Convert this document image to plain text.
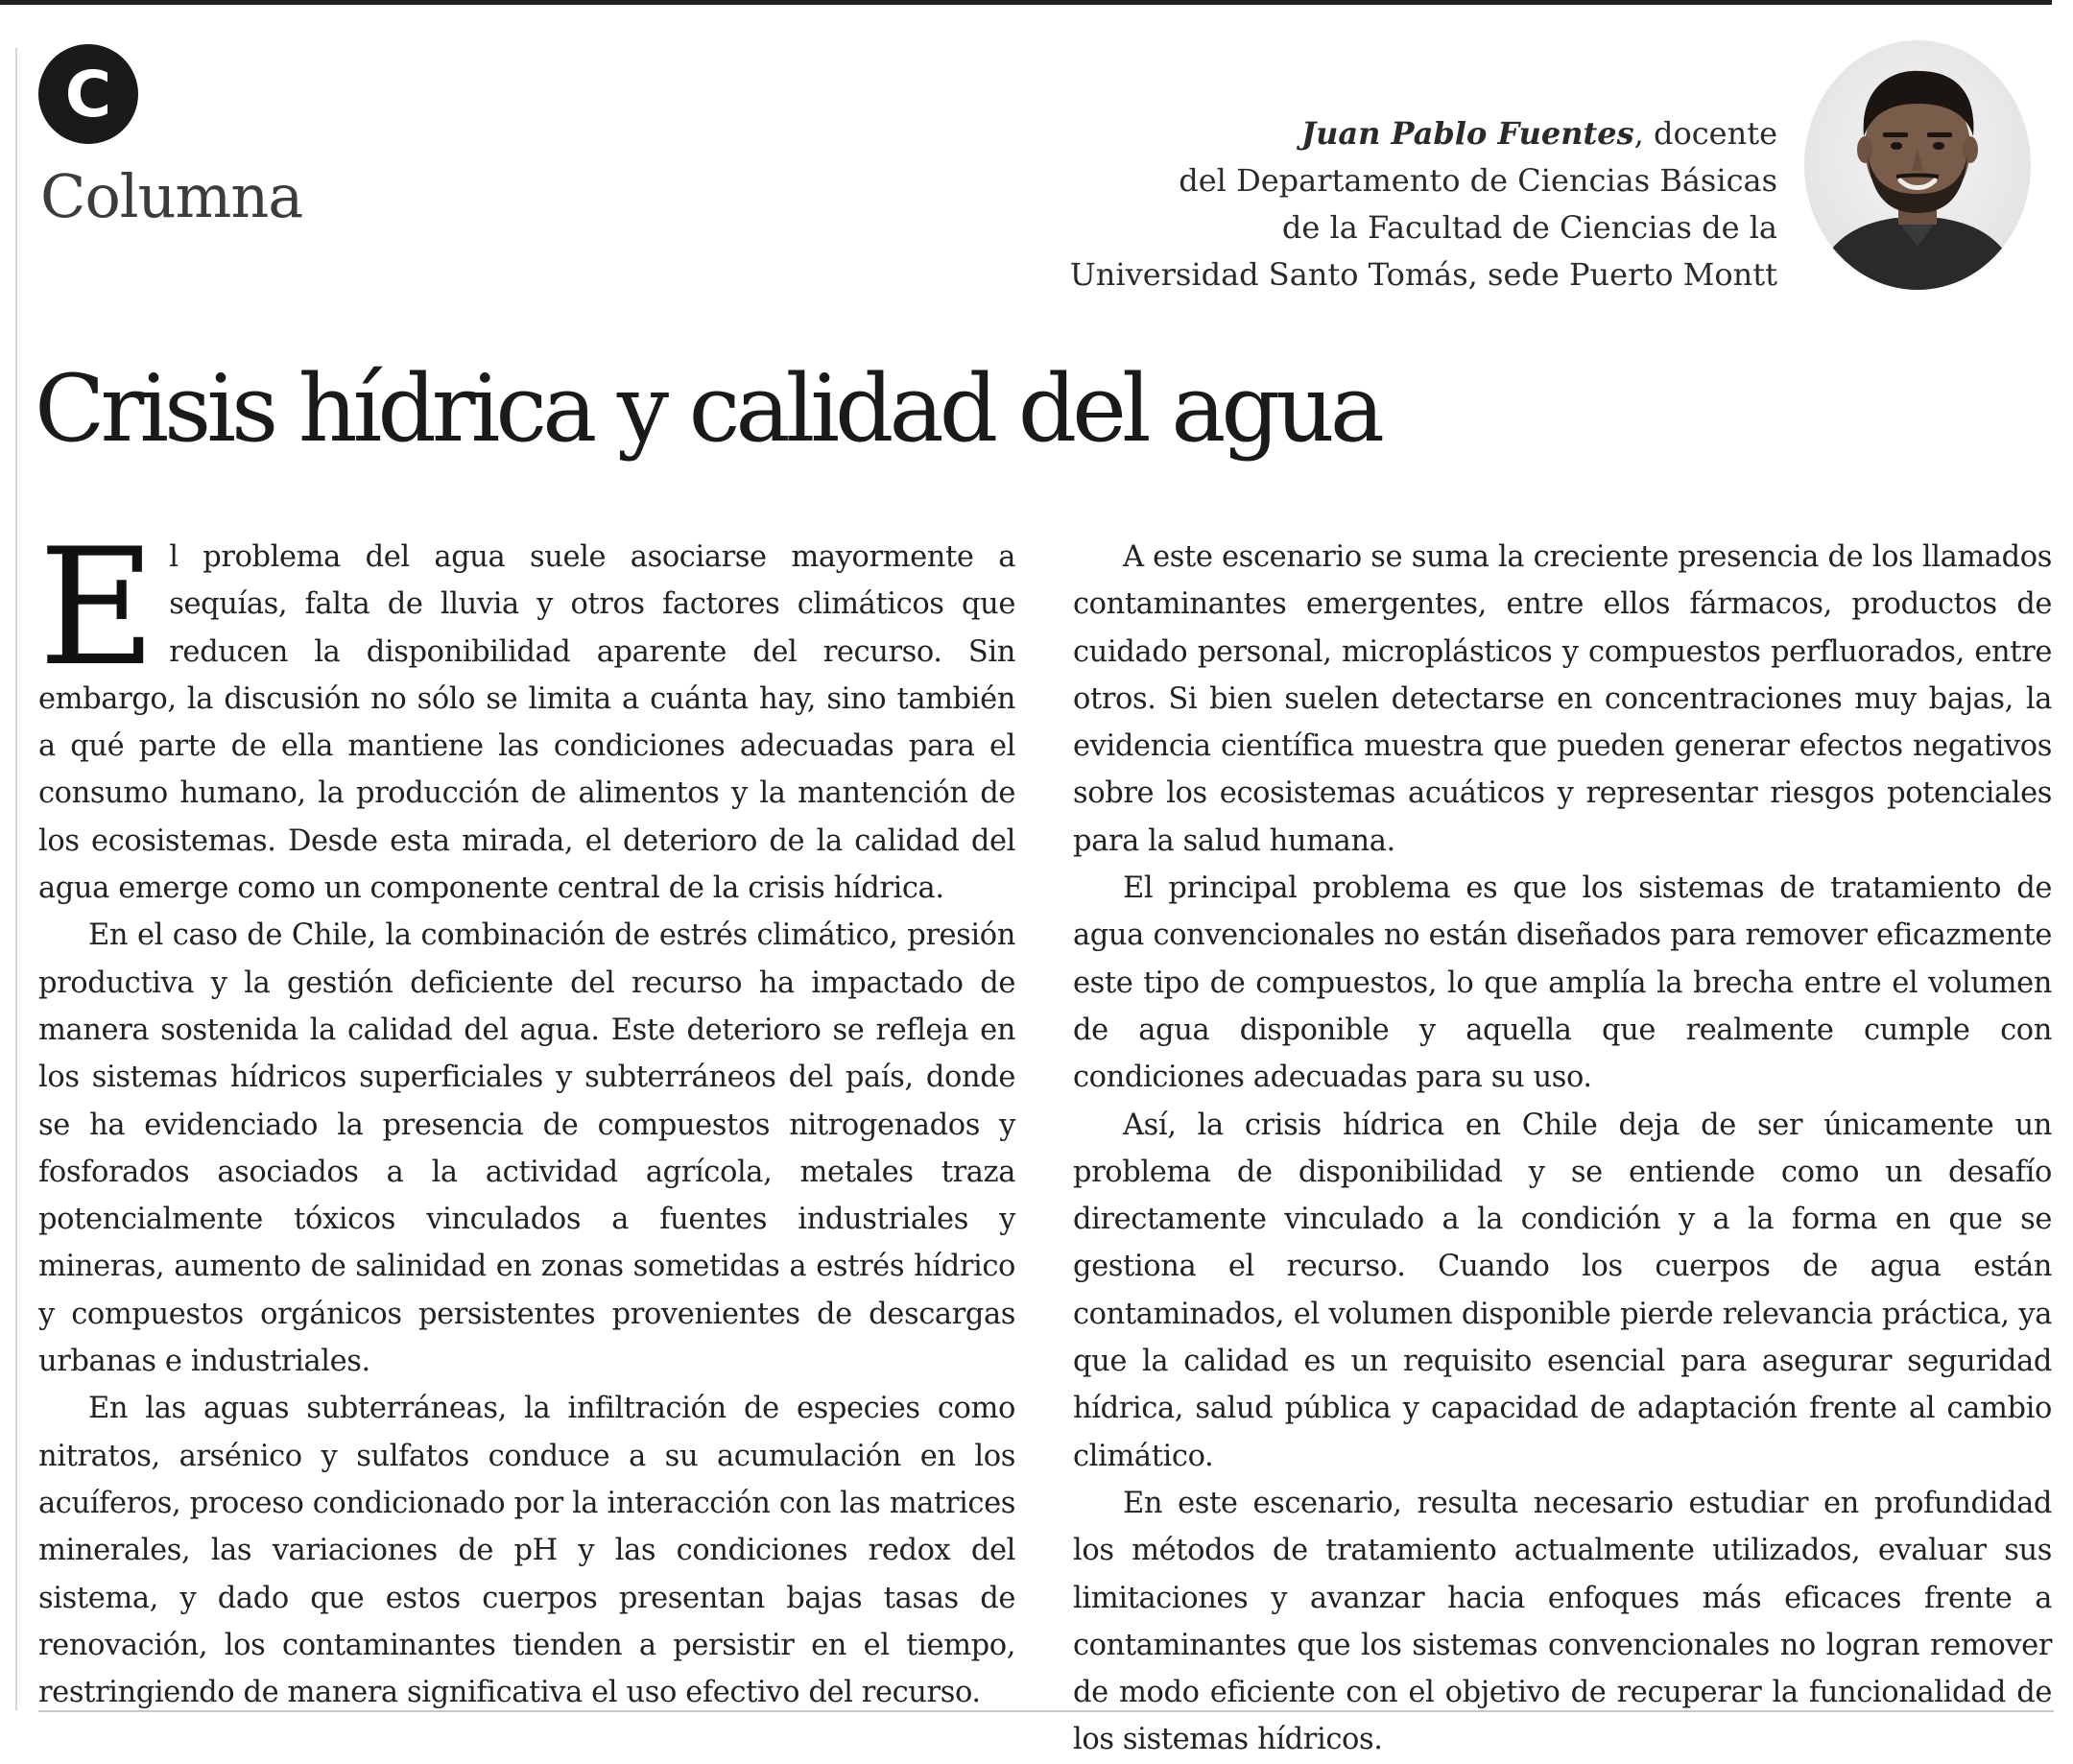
C
Columna
Juan Pablo Fuentes, docente
del Departamento de Ciencias Básicas
de la Facultad de Ciencias de la
Universidad Santo Tomás, sede Puerto Montt
Crisis hídrica y calidad del agua

El problema del agua suele asociarse mayormente a sequías, falta de lluvia y otros factores climáticos que reducen la disponibilidad aparente del recurso. Sin embargo, la discusión no sólo se limita a cuánta hay, sino también a qué parte de ella mantiene las condiciones adecuadas para el consumo humano, la producción de alimentos y la mantención de los ecosistemas. Desde esta mirada, el deterioro de la calidad del agua emerge como un componente central de la crisis hídrica.

En el caso de Chile, la combinación de estrés climático, presión productiva y la gestión deficiente del recurso ha impactado de manera sostenida la calidad del agua. Este deterioro se refleja en los sistemas hídricos superficiales y subterráneos del país, donde se ha evidenciado la presencia de compuestos nitrogenados y fosforados asociados a la actividad agrícola, metales traza potencialmente tóxicos vinculados a fuentes industriales y mineras, aumento de salinidad en zonas sometidas a estrés hídrico y compuestos orgánicos persistentes provenientes de descargas urbanas e industriales.

En las aguas subterráneas, la infiltración de especies como nitratos, arsénico y sulfatos conduce a su acumulación en los acuíferos, proceso condicionado por la interacción con las matrices minerales, las variaciones de pH y las condiciones redox del sistema, y dado que estos cuerpos presentan bajas tasas de renovación, los contaminantes tienden a persistir en el tiempo, restringiendo de manera significativa el uso efectivo del recurso.

A este escenario se suma la creciente presencia de los llamados contaminantes emergentes, entre ellos fármacos, productos de cuidado personal, microplásticos y compuestos perfluorados, entre otros. Si bien suelen detectarse en concentraciones muy bajas, la evidencia científica muestra que pueden generar efectos negativos sobre los ecosistemas acuáticos y representar riesgos potenciales para la salud humana.

El principal problema es que los sistemas de tratamiento de agua convencionales no están diseñados para remover eficazmente este tipo de compuestos, lo que amplía la brecha entre el volumen de agua disponible y aquella que realmente cumple con condiciones adecuadas para su uso.

Así, la crisis hídrica en Chile deja de ser únicamente un problema de disponibilidad y se entiende como un desafío directamente vinculado a la condición y a la forma en que se gestiona el recurso. Cuando los cuerpos de agua están contaminados, el volumen disponible pierde relevancia práctica, ya que la calidad es un requisito esencial para asegurar seguridad hídrica, salud pública y capacidad de adaptación frente al cambio climático.

En este escenario, resulta necesario estudiar en profundidad los métodos de tratamiento actualmente utilizados, evaluar sus limitaciones y avanzar hacia enfoques más eficaces frente a contaminantes que los sistemas convencionales no logran remover de modo eficiente con el objetivo de recuperar la funcionalidad de los sistemas hídricos.
